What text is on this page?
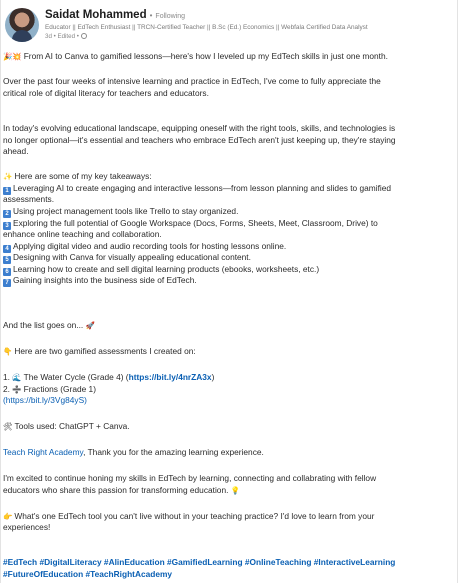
Saidat Mohammed • Following
Educator || EdTech Enthusiast || TRCN-Certified Teacher || B.Sc (Ed.) Economics || Webfala Certified Data Analyst
3d • Edited •
🎉💥 From AI to Canva to gamified lessons—here's how I leveled up my EdTech skills in just one month.
Over the past four weeks of intensive learning and practice in EdTech, I've come to fully appreciate the
critical role of digital literacy for teachers and educators.
In today's evolving educational landscape, equipping oneself with the right tools, skills, and technologies is
no longer optional—it's essential and teachers who embrace EdTech aren't just keeping up, they're staying
ahead.
✨ Here are some of my key takeaways:
1 Leveraging AI to create engaging and interactive lessons—from lesson planning and slides to gamified
assessments.
2 Using project management tools like Trello to stay organized.
3 Exploring the full potential of Google Workspace (Docs, Forms, Sheets, Meet, Classroom, Drive) to
enhance online teaching and collaboration.
4 Applying digital video and audio recording tools for hosting lessons online.
5 Designing with Canva for visually appealing educational content.
6 Learning how to create and sell digital learning products (ebooks, worksheets, etc.)
7 Gaining insights into the business side of EdTech.
And the list goes on... 🚀
👇 Here are two gamified assessments I created on:
1. 🌊 The Water Cycle (Grade 4) (https://bit.ly/4nrZA3x)
2. ➗ Fractions (Grade 1)
(https://bit.ly/3Vg84yS)
🛠 Tools used: ChatGPT + Canva.
Teach Right Academy, Thank you for the amazing learning experience.
I'm excited to continue honing my skills in EdTech by learning, connecting and collabrating with fellow
educators who share this passion for transforming education. 💡
👉 What's one EdTech tool you can't live without in your teaching practice? I'd love to learn from your
experiences!
#EdTech #DigitalLiteracy #AlinEducation #GamifiedLearning #OnlineTeaching #InteractiveLearning
#FutureOfEducation #TeachRightAcademy
